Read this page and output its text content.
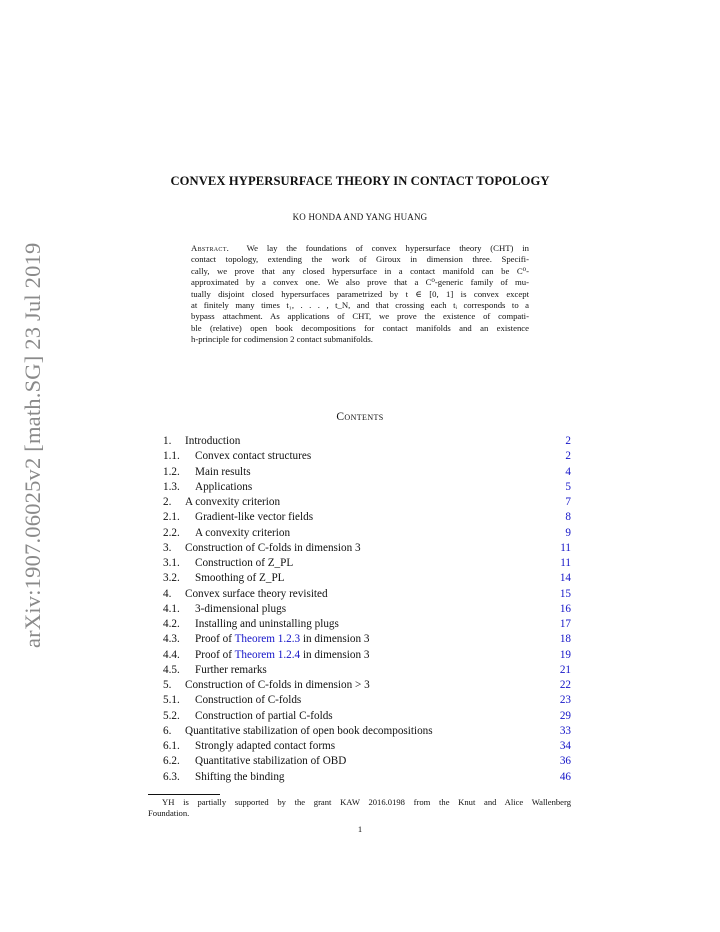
arXiv:1907.06025v2 [math.SG] 23 Jul 2019
CONVEX HYPERSURFACE THEORY IN CONTACT TOPOLOGY
KO HONDA AND YANG HUANG
Abstract. We lay the foundations of convex hypersurface theory (CHT) in
contact topology, extending the work of Giroux in dimension three. Specifi-
cally, we prove that any closed hypersurface in a contact manifold can be C⁰-
approximated by a convex one. We also prove that a C⁰-generic family of mu-
tually disjoint closed hypersurfaces parametrized by t ∈ [0, 1] is convex except
at finitely many times t₁, . . . , t_N, and that crossing each tᵢ corresponds to a
bypass attachment. As applications of CHT, we prove the existence of compati-
ble (relative) open book decompositions for contact manifolds and an existence
h-principle for codimension 2 contact submanifolds.
Contents
1. Introduction	2
1.1. Convex contact structures	2
1.2. Main results	4
1.3. Applications	5
2. A convexity criterion	7
2.1. Gradient-like vector fields	8
2.2. A convexity criterion	9
3. Construction of C-folds in dimension 3	11
3.1. Construction of Z_PL	11
3.2. Smoothing of Z_PL	14
4. Convex surface theory revisited	15
4.1. 3-dimensional plugs	16
4.2. Installing and uninstalling plugs	17
4.3. Proof of Theorem 1.2.3 in dimension 3	18
4.4. Proof of Theorem 1.2.4 in dimension 3	19
4.5. Further remarks	21
5. Construction of C-folds in dimension > 3	22
5.1. Construction of C-folds	23
5.2. Construction of partial C-folds	29
6. Quantitative stabilization of open book decompositions	33
6.1. Strongly adapted contact forms	34
6.2. Quantitative stabilization of OBD	36
6.3. Shifting the binding	46
YH is partially supported by the grant KAW 2016.0198 from the Knut and Alice Wallenberg
Foundation.
1
